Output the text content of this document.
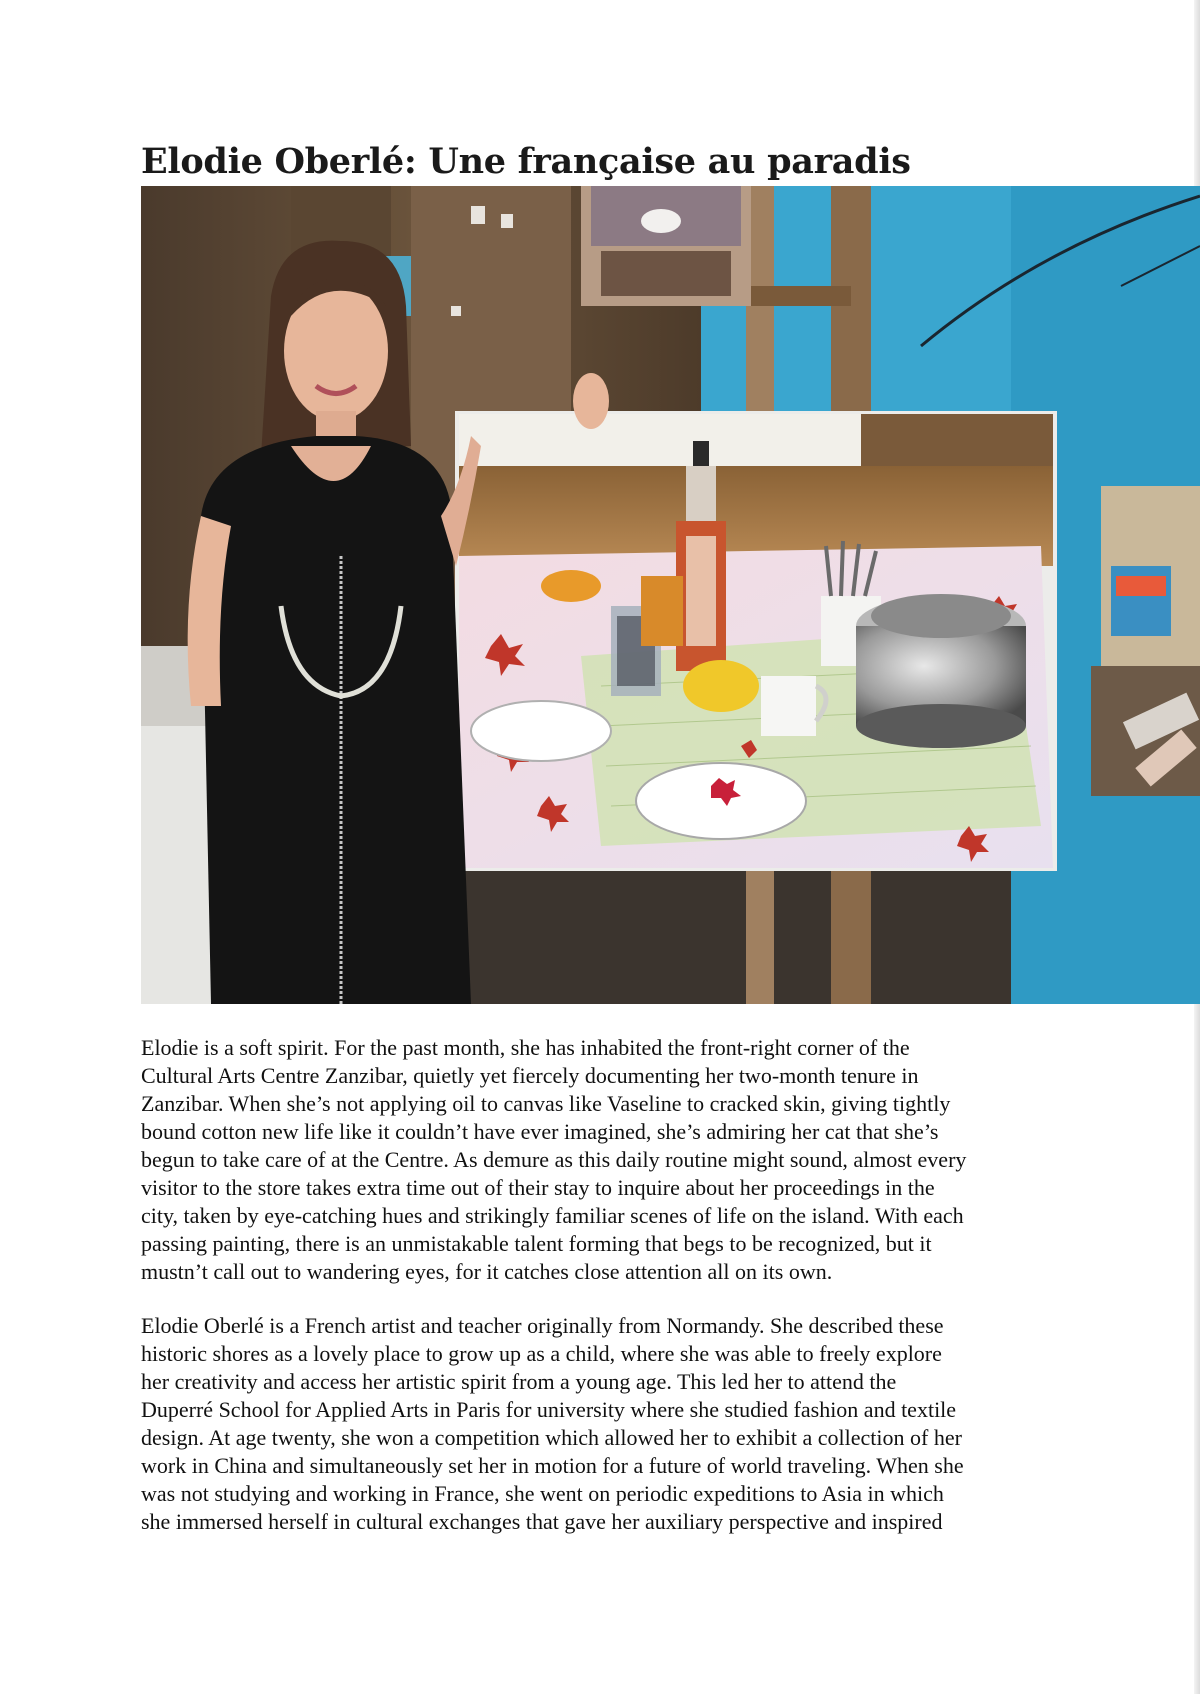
Elodie Oberlé: Une française au paradis

Elodie is a soft spirit. For the past month, she has inhabited the front-right corner of the
Cultural Arts Centre Zanzibar, quietly yet fiercely documenting her two-month tenure in
Zanzibar. When she’s not applying oil to canvas like Vaseline to cracked skin, giving tightly
bound cotton new life like it couldn’t have ever imagined, she’s admiring her cat that she’s
begun to take care of at the Centre. As demure as this daily routine might sound, almost every
visitor to the store takes extra time out of their stay to inquire about her proceedings in the
city, taken by eye-catching hues and strikingly familiar scenes of life on the island. With each
passing painting, there is an unmistakable talent forming that begs to be recognized, but it
mustn’t call out to wandering eyes, for it catches close attention all on its own.

Elodie Oberlé is a French artist and teacher originally from Normandy. She described these
historic shores as a lovely place to grow up as a child, where she was able to freely explore
her creativity and access her artistic spirit from a young age. This led her to attend the
Duperré School for Applied Arts in Paris for university where she studied fashion and textile
design. At age twenty, she won a competition which allowed her to exhibit a collection of her
work in China and simultaneously set her in motion for a future of world traveling. When she
was not studying and working in France, she went on periodic expeditions to Asia in which
she immersed herself in cultural exchanges that gave her auxiliary perspective and inspired
